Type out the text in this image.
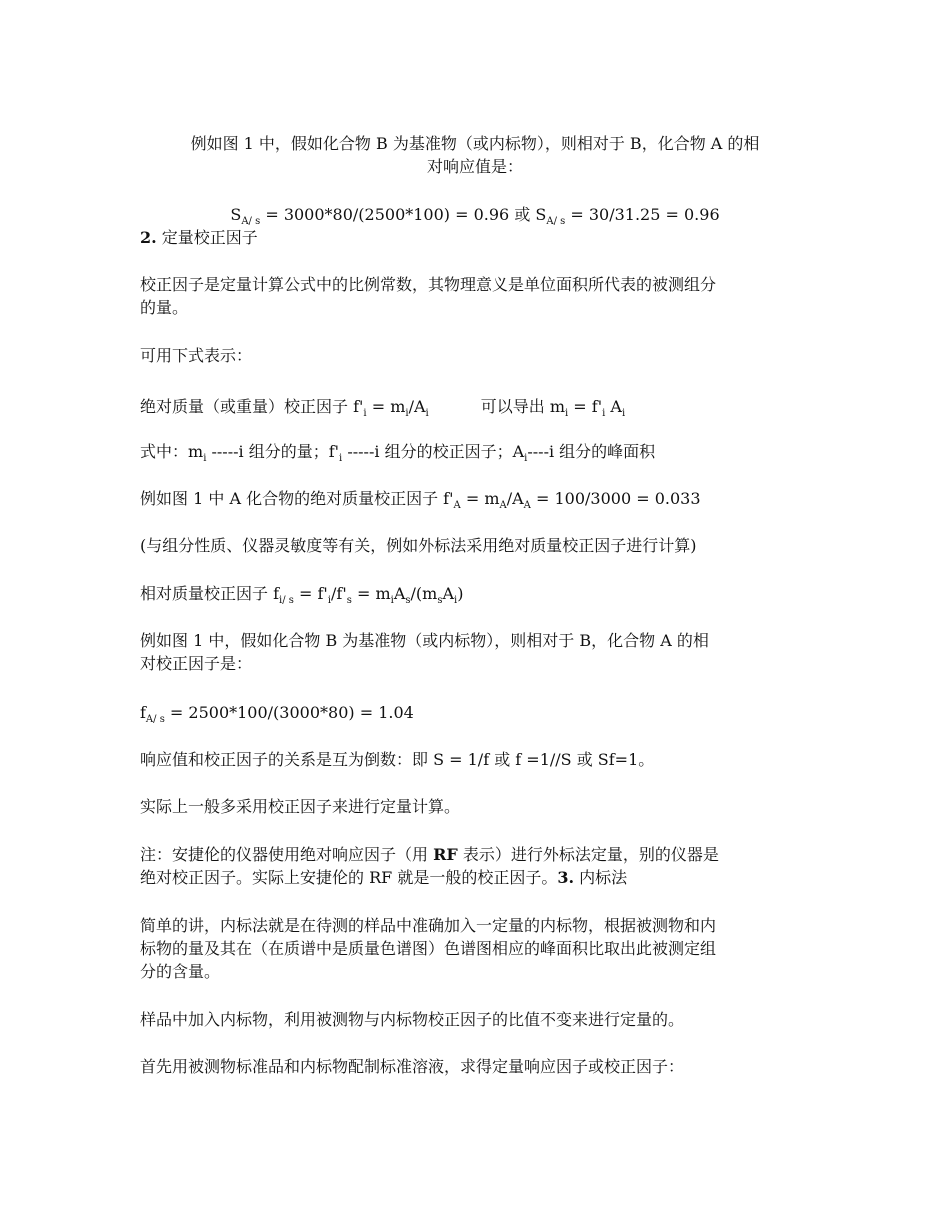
例如图 1 中，假如化合物 B 为基准物（或内标物），则相对于 B，化合物 A 的相
对响应值是：
$S_{A/ s} = 3000*80/(2500*100) = 0.96$ 或 $S_{A/ s} = 30/31.25 = 0.96$
2. 定量校正因子
校正因子是定量计算公式中的比例常数，其物理意义是单位面积所代表的被测组分
的量。
可用下式表示：
绝对质量（或重量）校正因子 $f'_i = m_i/A_i$	可以导出 $m_i = f'_i$ $A_i$
式中：$m_i$ -----i 组分的量；$f'_i$ -----i 组分的校正因子；$A_i----i$ 组分的峰面积
例如图 1 中 A 化合物的绝对质量校正因子 $f'_A = m_A/A_A = 100/3000 = 0.033$
(与组分性质、仪器灵敏度等有关，例如外标法采用绝对质量校正因子进行计算)
相对质量校正因子 $f_{i/ s} = f'_i/f'_s = m_iA_s/(m_sA_i)$
例如图 1 中，假如化合物 B 为基准物（或内标物），则相对于 B，化合物 A 的相
对校正因子是：
$f_{A/ s} = 2500*100/(3000*80) = 1.04$
响应值和校正因子的关系是互为倒数：即 S = 1/f 或 f =1//S 或 Sf=1。
实际上一般多采用校正因子来进行定量计算。
注：安捷伦的仪器使用绝对响应因子（用 RF 表示）进行外标法定量，别的仪器是
绝对校正因子。实际上安捷伦的 RF 就是一般的校正因子。3. 内标法
简单的讲，内标法就是在待测的样品中准确加入一定量的内标物，根据被测物和内
标物的量及其在（在质谱中是质量色谱图）色谱图相应的峰面积比取出此被测定组
分的含量。
样品中加入内标物，利用被测物与内标物校正因子的比值不变来进行定量的。
首先用被测物标准品和内标物配制标准溶液，求得定量响应因子或校正因子：
